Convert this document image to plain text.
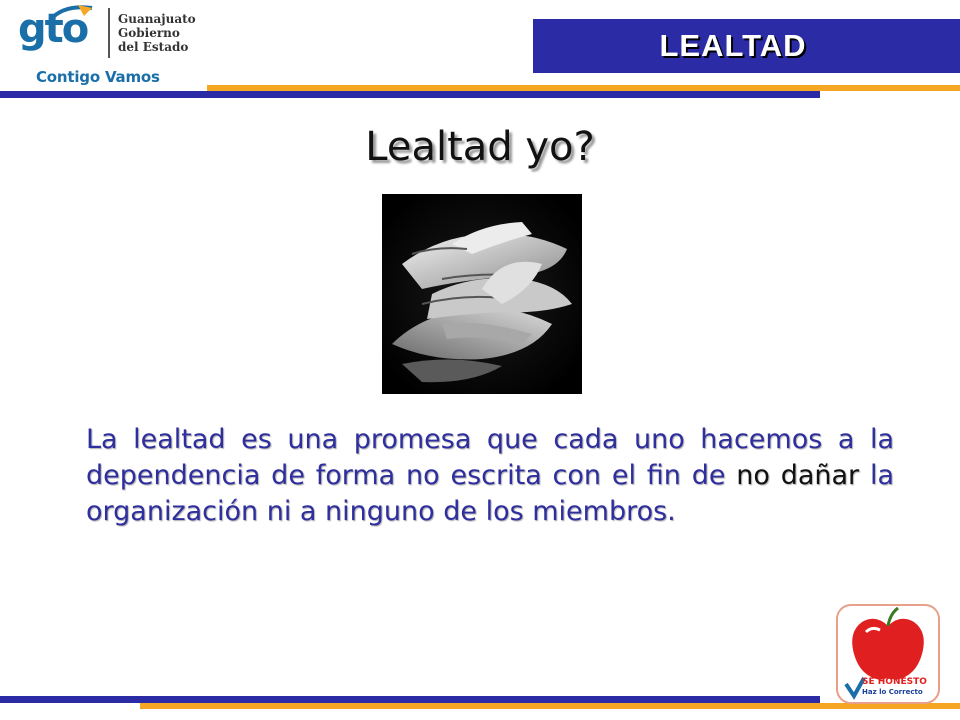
gto	Guanajuato
Gobierno
del Estado
Contigo Vamos
LEALTAD
Lealtad yo?
La lealtad es una promesa que cada uno hacemos a la dependencia de forma no escrita con el fin de no dañar la organización ni a ninguno de los miembros.
SÉ HONESTO
Haz lo Correcto
